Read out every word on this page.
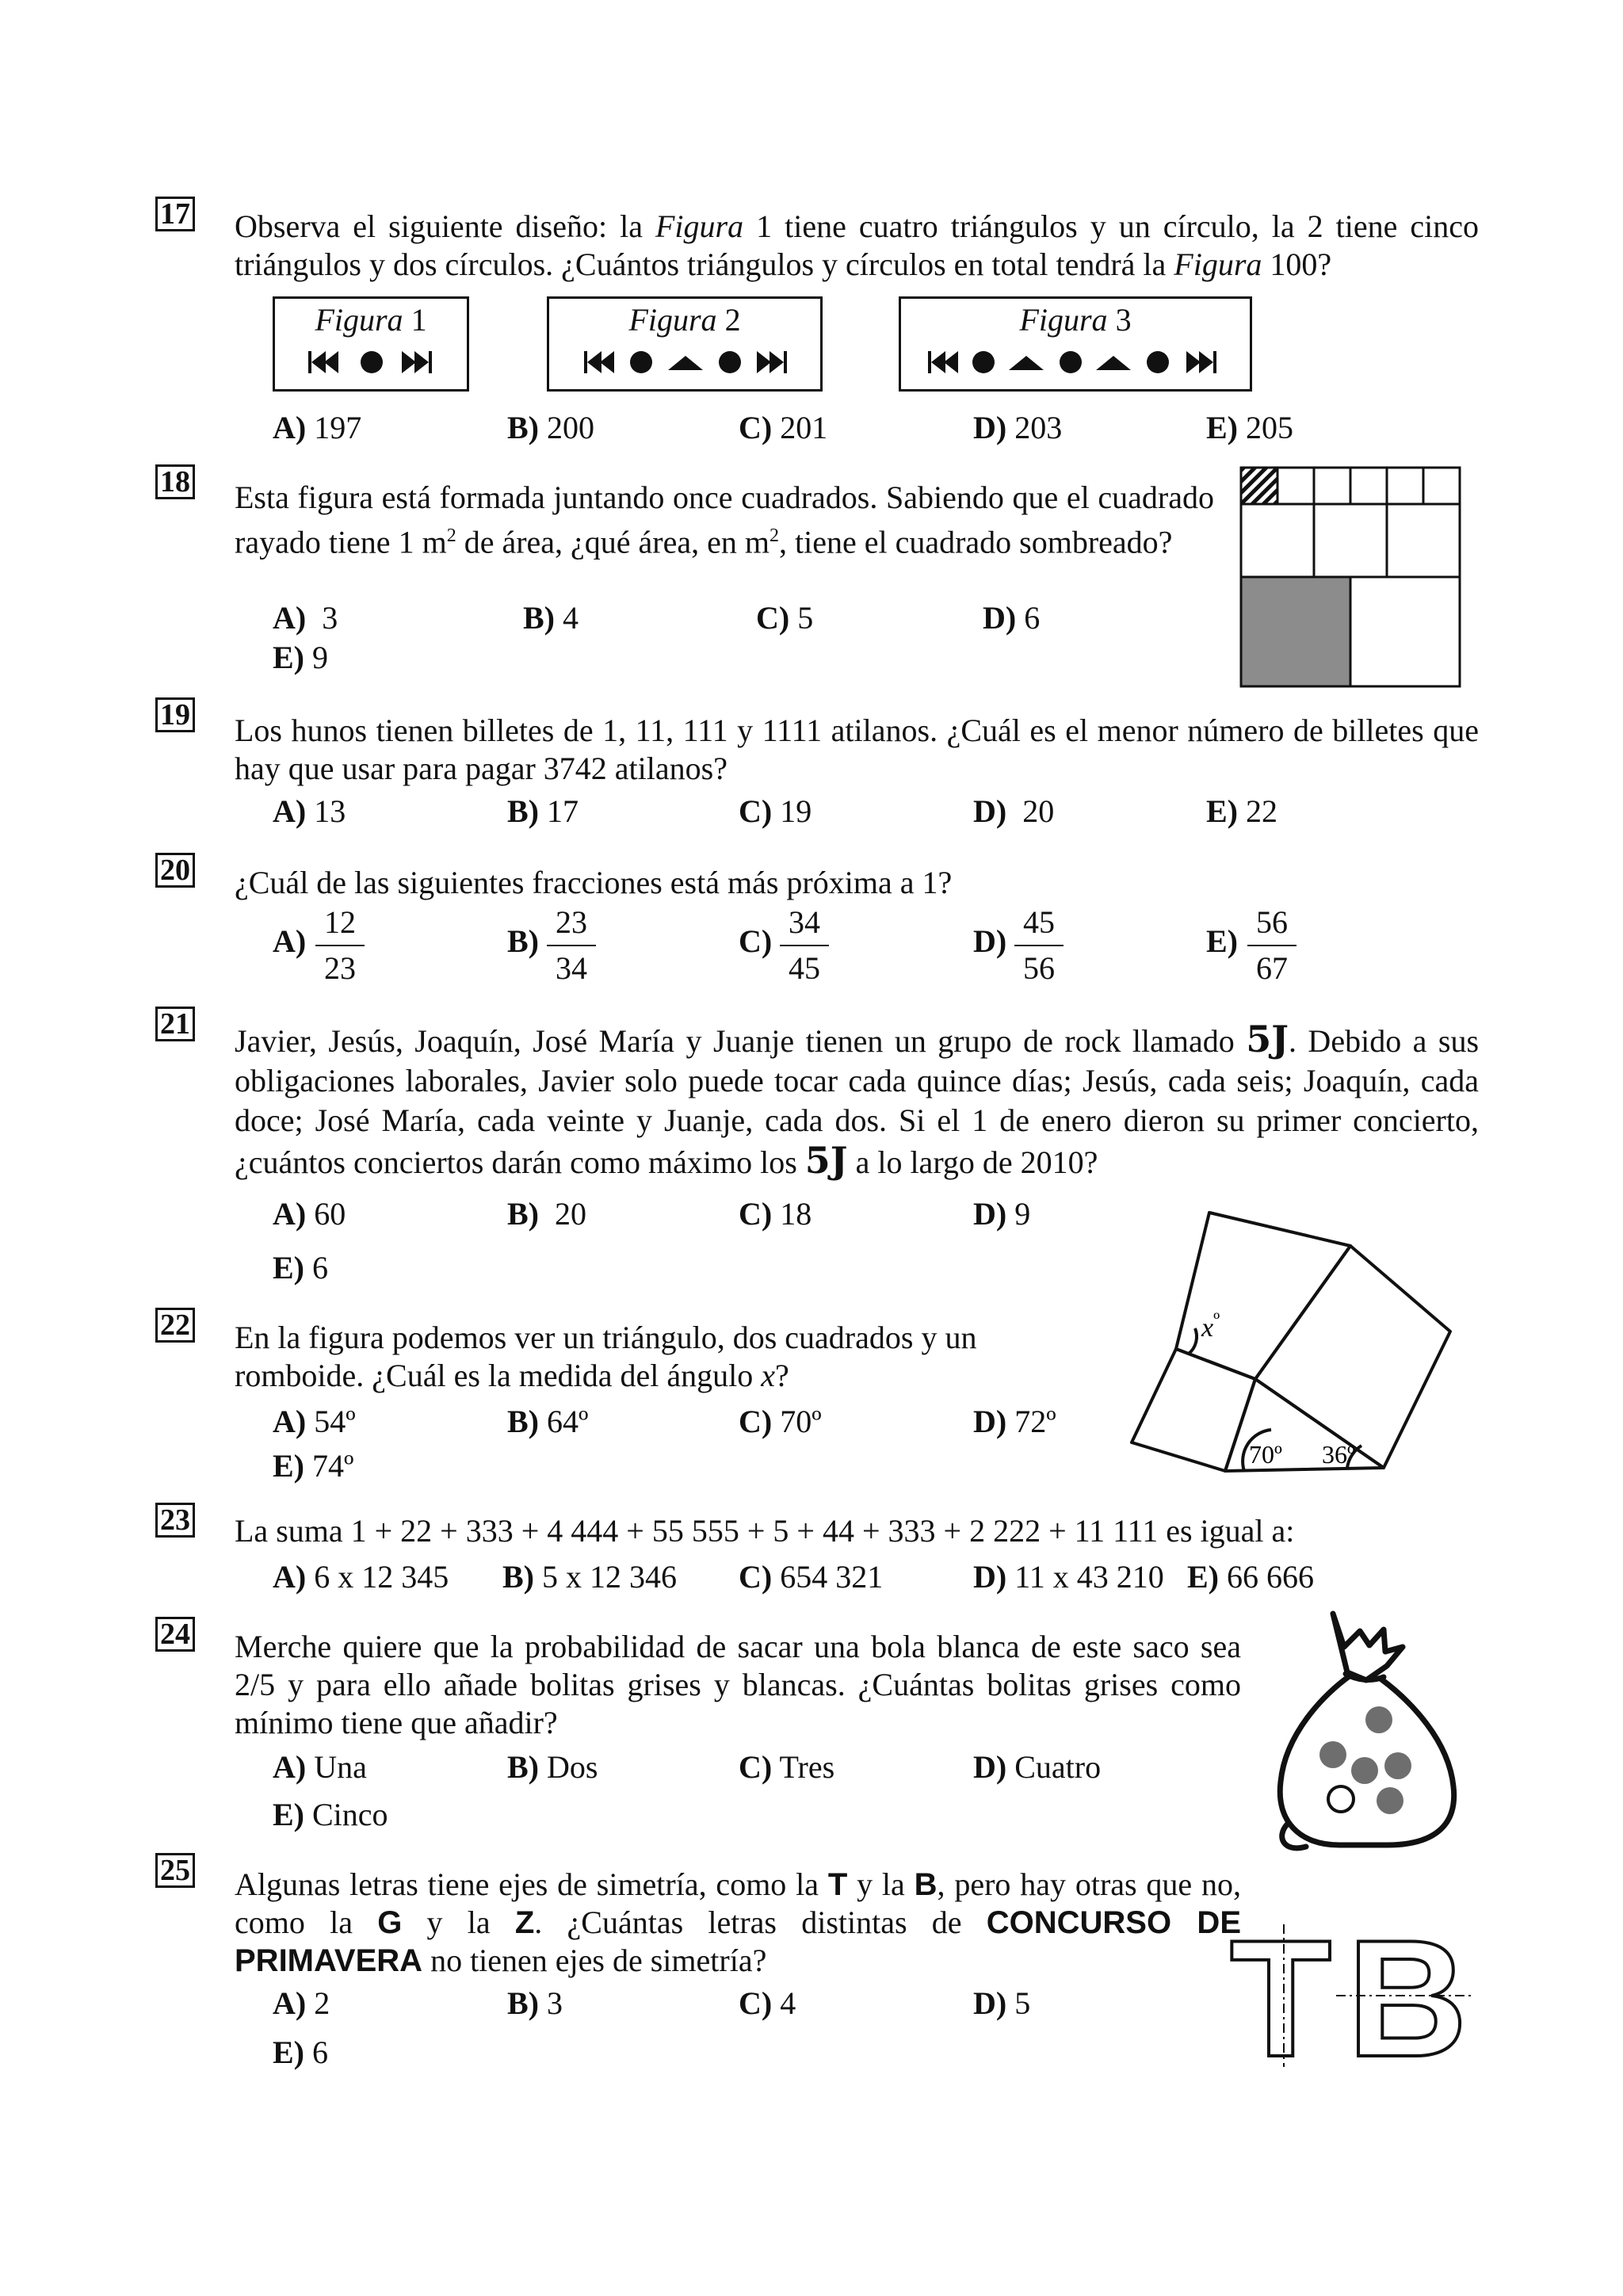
17 Observa el siguiente diseño: la Figura 1 tiene cuatro triángulos y un círculo, la 2 tiene cinco triángulos y dos círculos. ¿Cuántos triángulos y círculos en total tendrá la Figura 100?
Figura 1	Figura 2	Figura 3
A) 197	B) 200	C) 201	D) 203	E) 205
18 Esta figura está formada juntando once cuadrados. Sabiendo que el cuadrado rayado tiene 1 $m^2$ de área, ¿qué área, en $m^2$, tiene el cuadrado sombreado?
A) 3	B) 4	C) 5	D) 6
E) 9
19 Los hunos tienen billetes de 1, 11, 111 y 1111 atilanos. ¿Cuál es el menor número de billetes que hay que usar para pagar 3742 atilanos?
A) 13	B) 17	C) 19	D) 20	E) 22
20 ¿Cuál de las siguientes fracciones está más próxima a 1?
A)
12
23
B)
23
34
C)
34
45
D)
45
56
E)
56
67
21 Javier, Jesús, Joaquín, José María y Juanje tienen un grupo de rock llamado 5J. Debido a sus obligaciones laborales, Javier solo puede tocar cada quince días; Jesús, cada seis; Joaquín, cada doce; José María, cada veinte y Juanje, cada dos. Si el 1 de enero dieron su primer concierto, ¿cuántos conciertos darán como máximo los 5J a lo largo de 2010?
A) 60	B) 20	C) 18	D) 9
E) 6
22 En la figura podemos ver un triángulo, dos cuadrados y un romboide. ¿Cuál es la medida del ángulo x?
A) 54º	B) 64º	C) 70º	D) 72º
E) 74º
$x^º$
70º 36º
23 La suma 1 + 22 + 333 + 4 444 + 55 555 + 5 + 44 + 333 + 2 222 + 11 111 es igual a:
A) 6 x 12 345 B) 5 x 12 346 C) 654 321	D) 11 x 43 210 E) 66 666
24 Merche quiere que la probabilidad de sacar una bola blanca de este saco sea 2/5 y para ello añade bolitas grises y blancas. ¿Cuántas bolitas grises como mínimo tiene que añadir?
A) Una	B) Dos	C) Tres	D) Cuatro
E) Cinco
25 Algunas letras tiene ejes de simetría, como la T y la B, pero hay otras que no, como la G y la Z. ¿Cuántas letras distintas de CONCURSO DE PRIMAVERA no tienen ejes de simetría?
A) 2	B) 3	C) 4	D) 5
E) 6	T B
